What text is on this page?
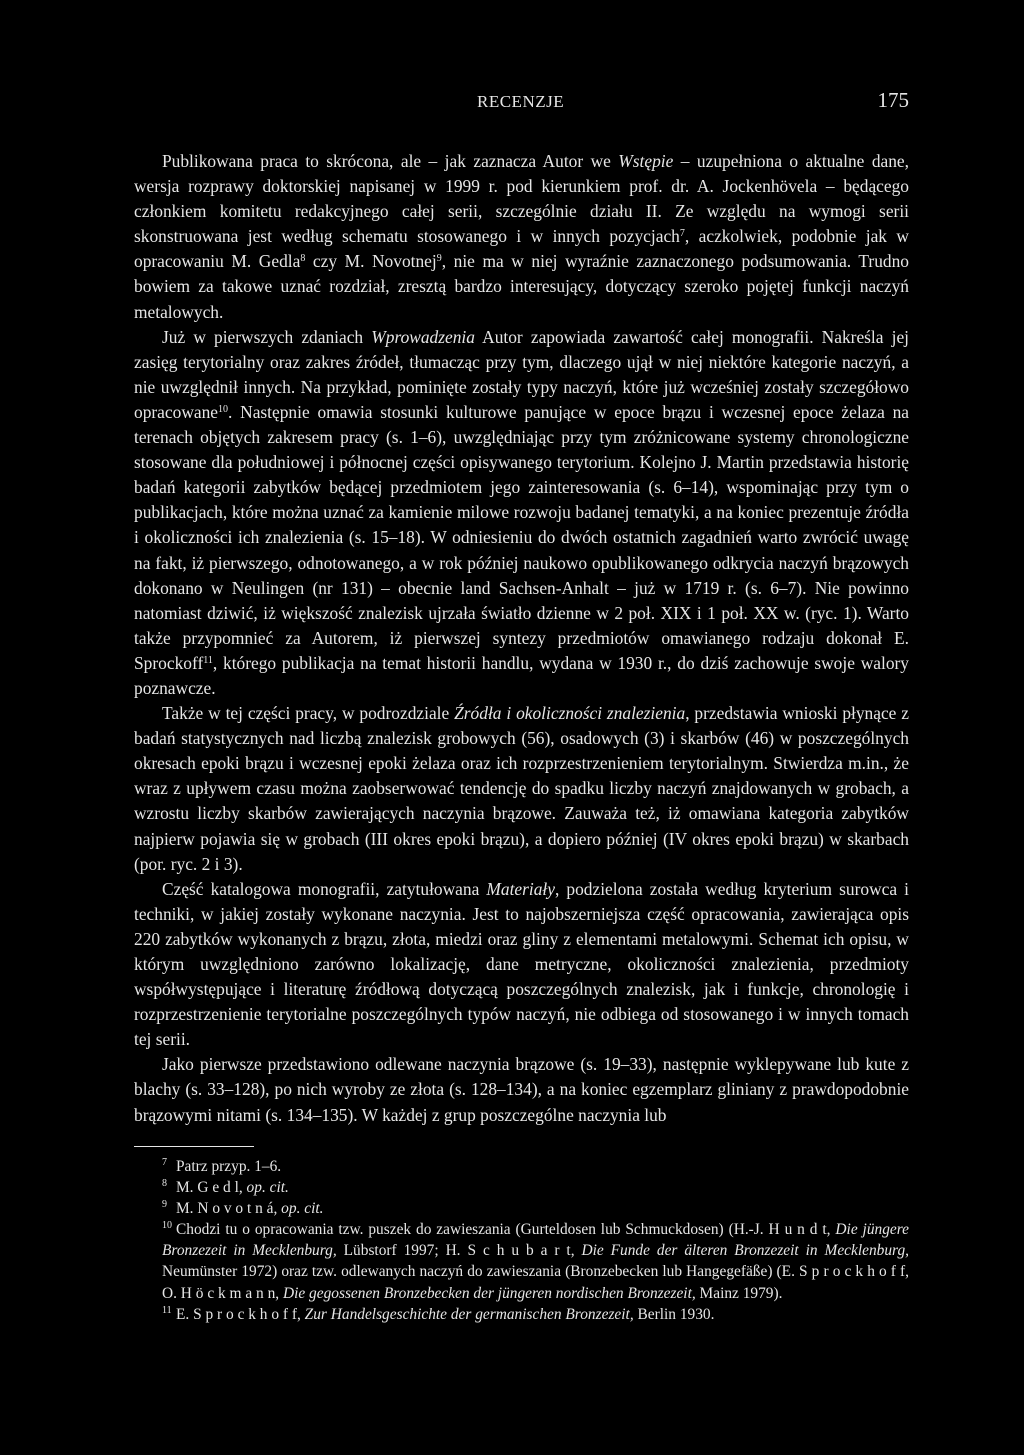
RECENZJE	175

Publikowana praca to skrócona, ale – jak zaznacza Autor we Wstępie – uzupełniona o aktualne dane, wersja rozprawy doktorskiej napisanej w 1999 r. pod kierunkiem prof. dr. A. Jockenhövela – będącego członkiem komitetu redakcyjnego całej serii, szczególnie działu II. Ze względu na wymogi serii skonstruowana jest według schematu stosowanego i w innych pozycjach$^7$, aczkolwiek, podobnie jak w opracowaniu M. Gedla$^8$ czy M. Novotnej$^9$, nie ma w niej wyraźnie zaznaczonego podsumowania. Trudno bowiem za takowe uznać rozdział, zresztą bardzo interesujący, dotyczący szeroko pojętej funkcji naczyń metalowych.

Już w pierwszych zdaniach Wprowadzenia Autor zapowiada zawartość całej monografii. Nakreśla jej zasięg terytorialny oraz zakres źródeł, tłumacząc przy tym, dlaczego ujął w niej niektóre kategorie naczyń, a nie uwzględnił innych. Na przykład, pominięte zostały typy naczyń, które już wcześniej zostały szczegółowo opracowane$^{10}$. Następnie omawia stosunki kulturowe panujące w epoce brązu i wczesnej epoce żelaza na terenach objętych zakresem pracy (s. 1–6), uwzględniając przy tym zróżnicowane systemy chronologiczne stosowane dla południowej i północnej części opisywanego terytorium. Kolejno J. Martin przedstawia historię badań kategorii zabytków będącej przedmiotem jego zainteresowania (s. 6–14), wspominając przy tym o publikacjach, które można uznać za kamienie milowe rozwoju badanej tematyki, a na koniec prezentuje źródła i okoliczności ich znalezienia (s. 15–18). W odniesieniu do dwóch ostatnich zagadnień warto zwrócić uwagę na fakt, iż pierwszego, odnotowanego, a w rok później naukowo opublikowanego odkrycia naczyń brązowych dokonano w Neulingen (nr 131) – obecnie land Sachsen-Anhalt – już w 1719 r. (s. 6–7). Nie powinno natomiast dziwić, iż większość znalezisk ujrzała światło dzienne w 2 poł. XIX i 1 poł. XX w. (ryc. 1). Warto także przypomnieć za Autorem, iż pierwszej syntezy przedmiotów omawianego rodzaju dokonał E. Sprockoff$^{11}$, którego publikacja na temat historii handlu, wydana w 1930 r., do dziś zachowuje swoje walory poznawcze.

Także w tej części pracy, w podrozdziale Źródła i okoliczności znalezienia, przedstawia wnioski płynące z badań statystycznych nad liczbą znalezisk grobowych (56), osadowych (3) i skarbów (46) w poszczególnych okresach epoki brązu i wczesnej epoki żelaza oraz ich rozprzestrzenieniem terytorialnym. Stwierdza m.in., że wraz z upływem czasu można zaobserwować tendencję do spadku liczby naczyń znajdowanych w grobach, a wzrostu liczby skarbów zawierających naczynia brązowe. Zauważa też, iż omawiana kategoria zabytków najpierw pojawia się w grobach (III okres epoki brązu), a dopiero później (IV okres epoki brązu) w skarbach (por. ryc. 2 i 3).

Część katalogowa monografii, zatytułowana Materiały, podzielona została według kryterium surowca i techniki, w jakiej zostały wykonane naczynia. Jest to najobszerniejsza część opracowania, zawierająca opis 220 zabytków wykonanych z brązu, złota, miedzi oraz gliny z elementami metalowymi. Schemat ich opisu, w którym uwzględniono zarówno lokalizację, dane metryczne, okoliczności znalezienia, przedmioty współwystępujące i literaturę źródłową dotyczącą poszczególnych znalezisk, jak i funkcje, chronologię i rozprzestrzenienie terytorialne poszczególnych typów naczyń, nie odbiega od stosowanego i w innych tomach tej serii.

Jako pierwsze przedstawiono odlewane naczynia brązowe (s. 19–33), następnie wyklepywane lub kute z blachy (s. 33–128), po nich wyroby ze złota (s. 128–134), a na koniec egzemplarz gliniany z prawdopodobnie brązowymi nitami (s. 134–135). W każdej z grup poszczególne naczynia lub

$^7$ Patrz przyp. 1–6.

$^8$ M. G e d l, op. cit.

$^9$ M. N o v o t n á, op. cit.

$^{10}$ Chodzi tu o opracowania tzw. puszek do zawieszania (Gurteldosen lub Schmuckdosen) (H.-J. H u n d t, Die jüngere Bronzezeit in Mecklenburg, Lübstorf 1997; H. S c h u b a r t, Die Funde der älteren Bronzezeit in Mecklenburg, Neumünster 1972) oraz tzw. odlewanych naczyń do zawieszania (Bronzebecken lub Hangegefäße) (E. S p r o c k h o f f, O. H ö c k m a n n, Die gegossenen Bronzebecken der jüngeren nordischen Bronzezeit, Mainz 1979).

$^{11}$ E. S p r o c k h o f f, Zur Handelsgeschichte der germanischen Bronzezeit, Berlin 1930.
